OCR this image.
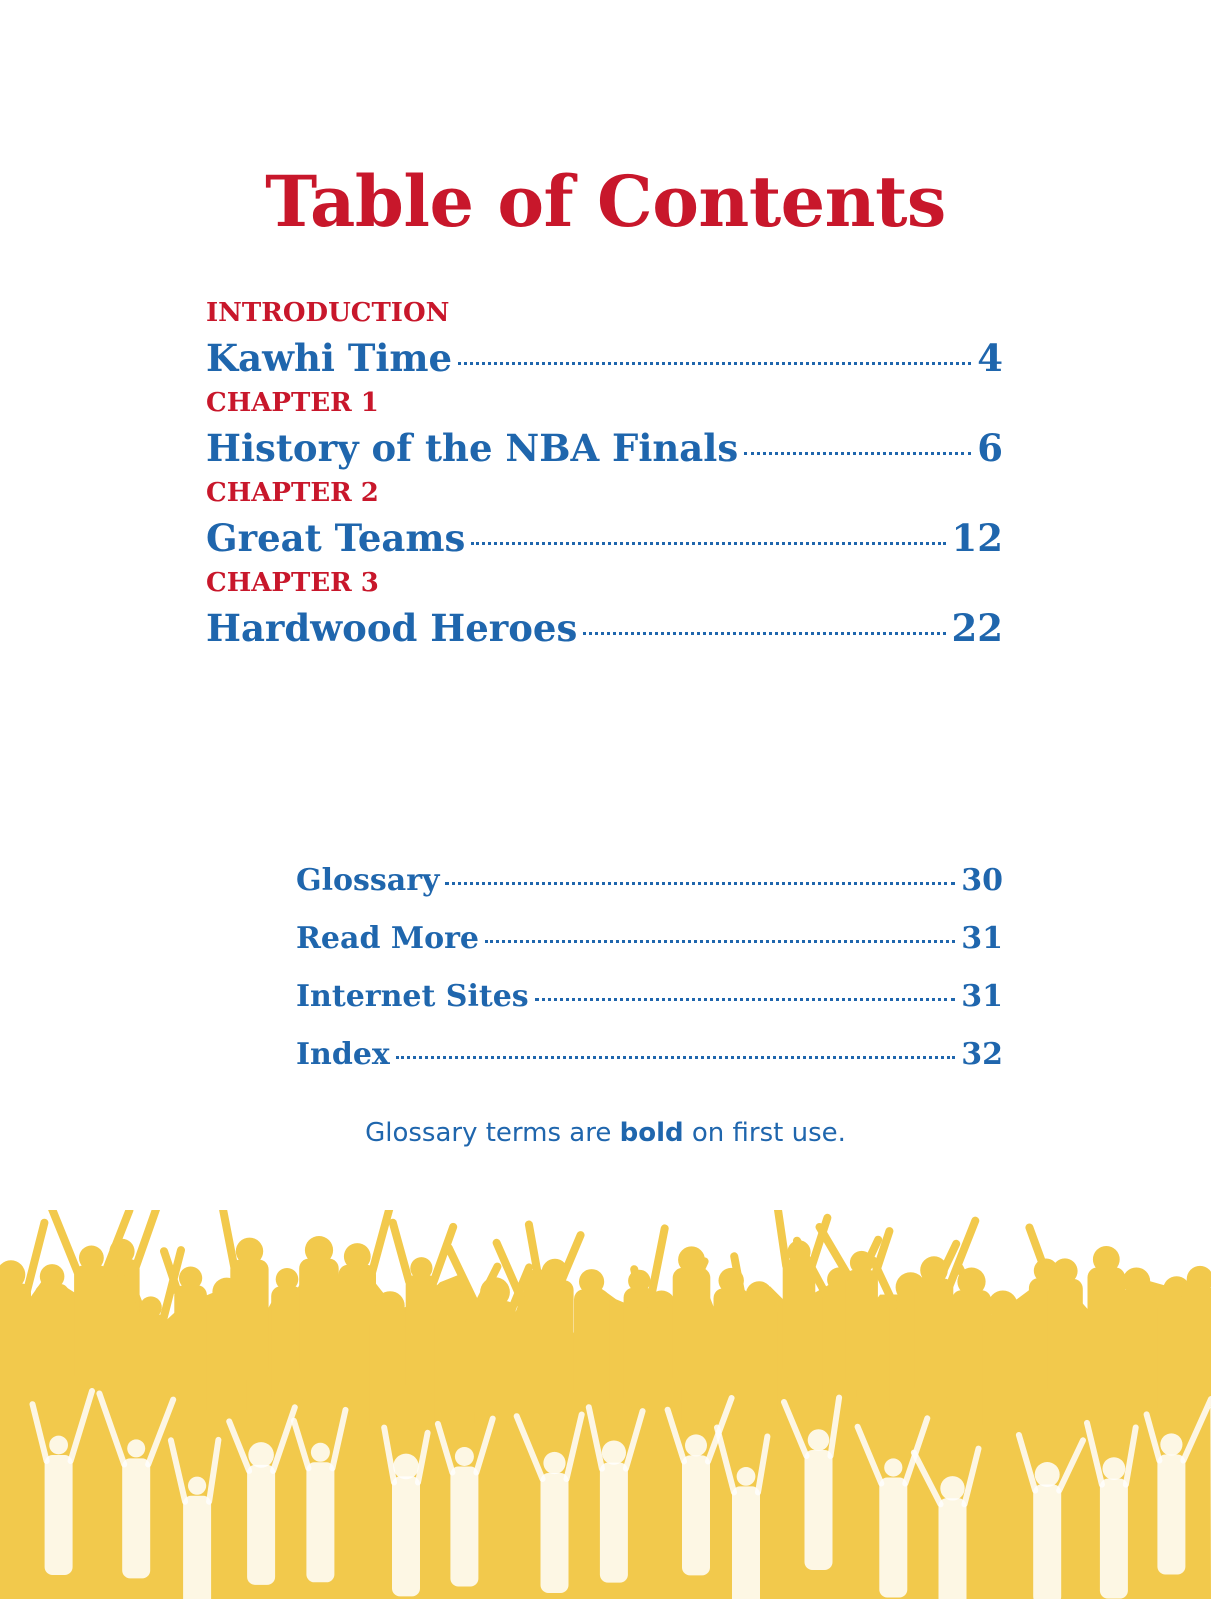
Table of Contents
INTRODUCTION
Kawhi Time	4
CHAPTER 1
History of the NBA Finals	6
CHAPTER 2
Great Teams	12
CHAPTER 3
Hardwood Heroes	22
Glossary	30
Read More	31
Internet Sites	31
Index	32

Glossary terms are bold on first use.
